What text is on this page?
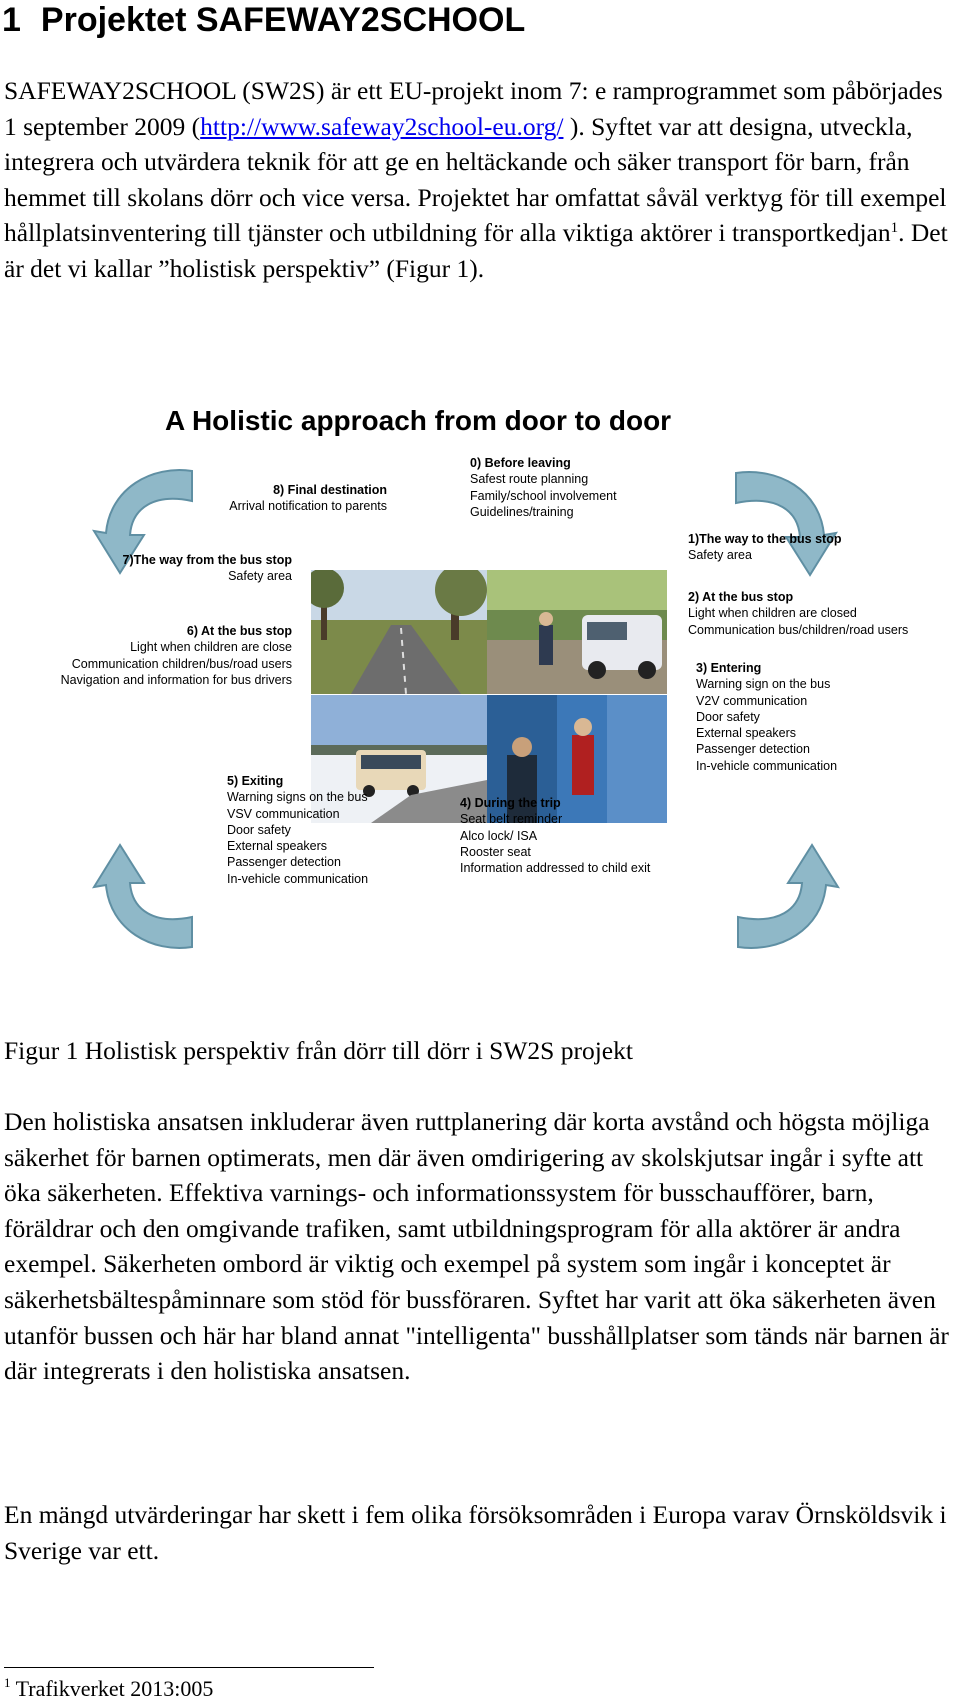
1 Projektet SAFEWAY2SCHOOL
SAFEWAY2SCHOOL (SW2S) är ett EU-projekt inom 7: e ramprogrammet som påbörjades 1 september 2009 (http://www.safeway2school-eu.org/ ). Syftet var att designa, utveckla, integrera och utvärdera teknik för att ge en heltäckande och säker transport för barn, från hemmet till skolans dörr och vice versa. Projektet har omfattat såväl verktyg för till exempel hållplatsinventering till tjänster och utbildning för alla viktiga aktörer i transportkedjan$^1$. Det är det vi kallar ”holistisk perspektiv” (Figur 1).
A Holistic approach from door to door
0) Before leaving
Safest route planning
Family/school involvement
Guidelines/training
8) Final destination
Arrival notification to parents
1)The way to the bus stop
Safety area
7)The way from the bus stop
Safety area
2) At the bus stop
Light when children are closed
Communication bus/children/road users
6) At the bus stop
Light when children are close
Communication children/bus/road users
Navigation and information for bus drivers
3) Entering
Warning sign on the bus
V2V communication
Door safety
External speakers
Passenger detection
In-vehicle communication
5) Exiting
Warning signs on the bus
VSV communication
Door safety
External speakers
Passenger detection
In-vehicle communication
4) During the trip
Seat belt reminder
Alco lock/ ISA
Rooster seat
Information addressed to child exit
Figur 1 Holistisk perspektiv från dörr till dörr i SW2S projekt
Den holistiska ansatsen inkluderar även ruttplanering där korta avstånd och högsta möjliga säkerhet för barnen optimerats, men där även omdirigering av skolskjutsar ingår i syfte att öka säkerheten. Effektiva varnings- och informationssystem för busschaufförer, barn, föräldrar och den omgivande trafiken, samt utbildningsprogram för alla aktörer är andra exempel. Säkerheten ombord är viktig och exempel på system som ingår i konceptet är säkerhetsbältespåminnare som stöd för bussföraren. Syftet har varit att öka säkerheten även utanför bussen och här har bland annat "intelligenta" busshållplatser som tänds när barnen är där integrerats i den holistiska ansatsen.
En mängd utvärderingar har skett i fem olika försöksområden i Europa varav Örnsköldsvik i Sverige var ett.
$^1$ Trafikverket 2013:005
